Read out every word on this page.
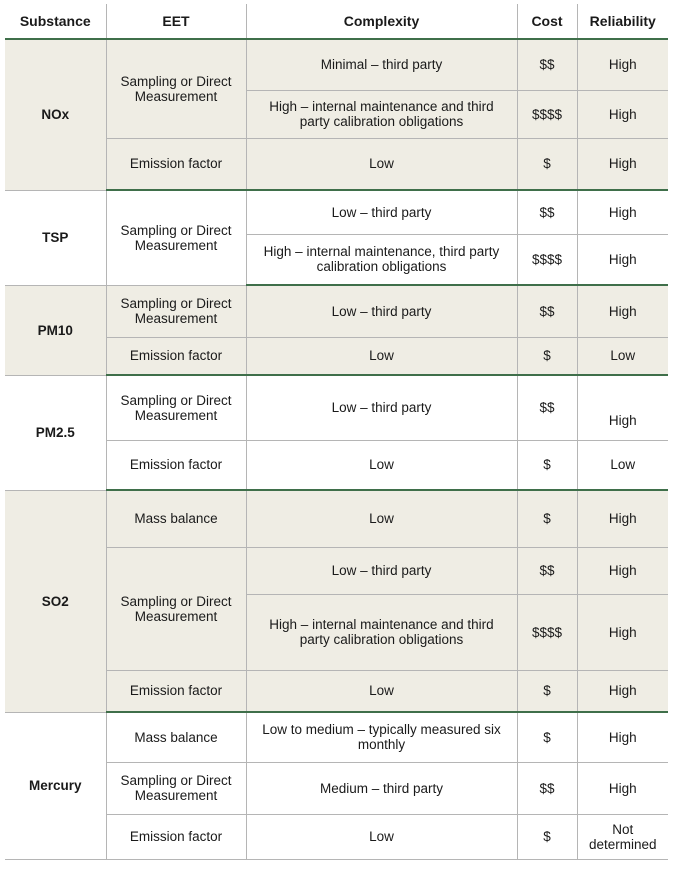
Substance	EET	Complexity	Cost	Reliability
NOx	Sampling or Direct Measurement	Minimal – third party	$$	High
		High – internal maintenance and third party calibration obligations	$$$$	High
	Emission factor	Low	$	High
TSP	Sampling or Direct Measurement	Low – third party	$$	High
		High – internal maintenance, third party calibration obligations	$$$$	High
PM10	Sampling or Direct Measurement	Low – third party	$$	High
	Emission factor	Low	$	Low
PM2.5	Sampling or Direct Measurement	Low – third party	$$	High
	Emission factor	Low	$	Low
SO2	Mass balance	Low	$	High
	Sampling or Direct Measurement	Low – third party	$$	High
		High – internal maintenance and third party calibration obligations	$$$$	High
	Emission factor	Low	$	High
Mercury	Mass balance	Low to medium – typically measured six monthly	$	High
	Sampling or Direct Measurement	Medium – third party	$$	High
	Emission factor	Low	$	Not determined
